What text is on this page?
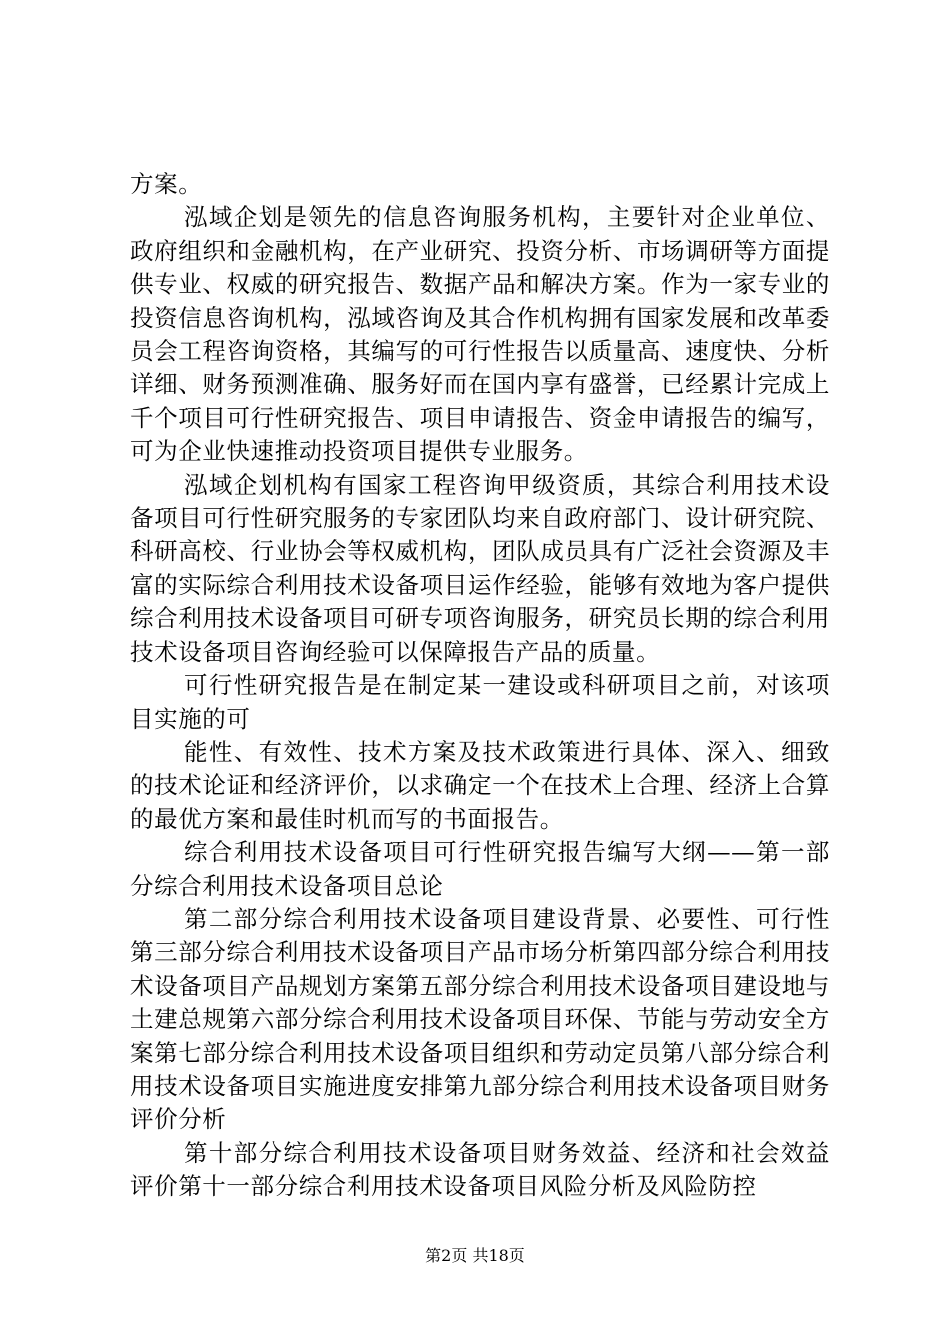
方案。

泓域企划是领先的信息咨询服务机构，主要针对企业单位、政府组织和金融机构，在产业研究、投资分析、市场调研等方面提供专业、权威的研究报告、数据产品和解决方案。作为一家专业的投资信息咨询机构，泓域咨询及其合作机构拥有国家发展和改革委员会工程咨询资格，其编写的可行性报告以质量高、速度快、分析详细、财务预测准确、服务好而在国内享有盛誉，已经累计完成上千个项目可行性研究报告、项目申请报告、资金申请报告的编写，可为企业快速推动投资项目提供专业服务。

泓域企划机构有国家工程咨询甲级资质，其综合利用技术设备项目可行性研究服务的专家团队均来自政府部门、设计研究院、科研高校、行业协会等权威机构，团队成员具有广泛社会资源及丰富的实际综合利用技术设备项目运作经验，能够有效地为客户提供综合利用技术设备项目可研专项咨询服务，研究员长期的综合利用技术设备项目咨询经验可以保障报告产品的质量。

可行性研究报告是在制定某一建设或科研项目之前，对该项目实施的可

能性、有效性、技术方案及技术政策进行具体、深入、细致的技术论证和经济评价，以求确定一个在技术上合理、经济上合算的最优方案和最佳时机而写的书面报告。

综合利用技术设备项目可行性研究报告编写大纲——第一部分综合利用技术设备项目总论

第二部分综合利用技术设备项目建设背景、必要性、可行性第三部分综合利用技术设备项目产品市场分析第四部分综合利用技术设备项目产品规划方案第五部分综合利用技术设备项目建设地与土建总规第六部分综合利用技术设备项目环保、节能与劳动安全方案第七部分综合利用技术设备项目组织和劳动定员第八部分综合利用技术设备项目实施进度安排第九部分综合利用技术设备项目财务评价分析

第十部分综合利用技术设备项目财务效益、经济和社会效益评价第十一部分综合利用技术设备项目风险分析及风险防控

第2页 共18页
